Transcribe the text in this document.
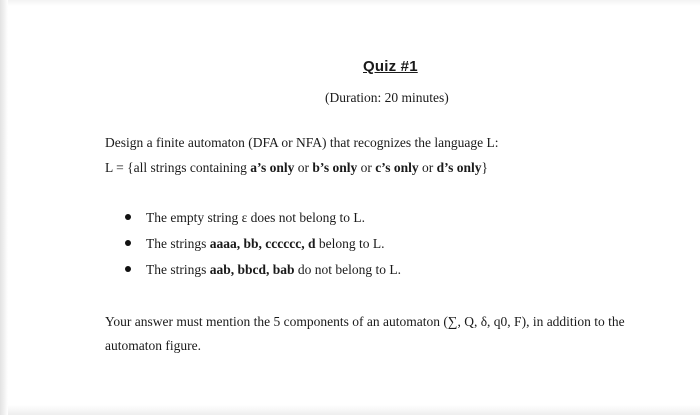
Quiz #1
(Duration: 20 minutes)
Design a finite automaton (DFA or NFA) that recognizes the language L:
L = {all strings containing a’s only or b’s only or c’s only or d’s only}
The empty string ε does not belong to L.
The strings aaaa, bb, cccccc, d belong to L.
The strings aab, bbcd, bab do not belong to L.
Your answer must mention the 5 components of an automaton (∑, Q, δ, q0, F), in addition to the
automaton figure.
